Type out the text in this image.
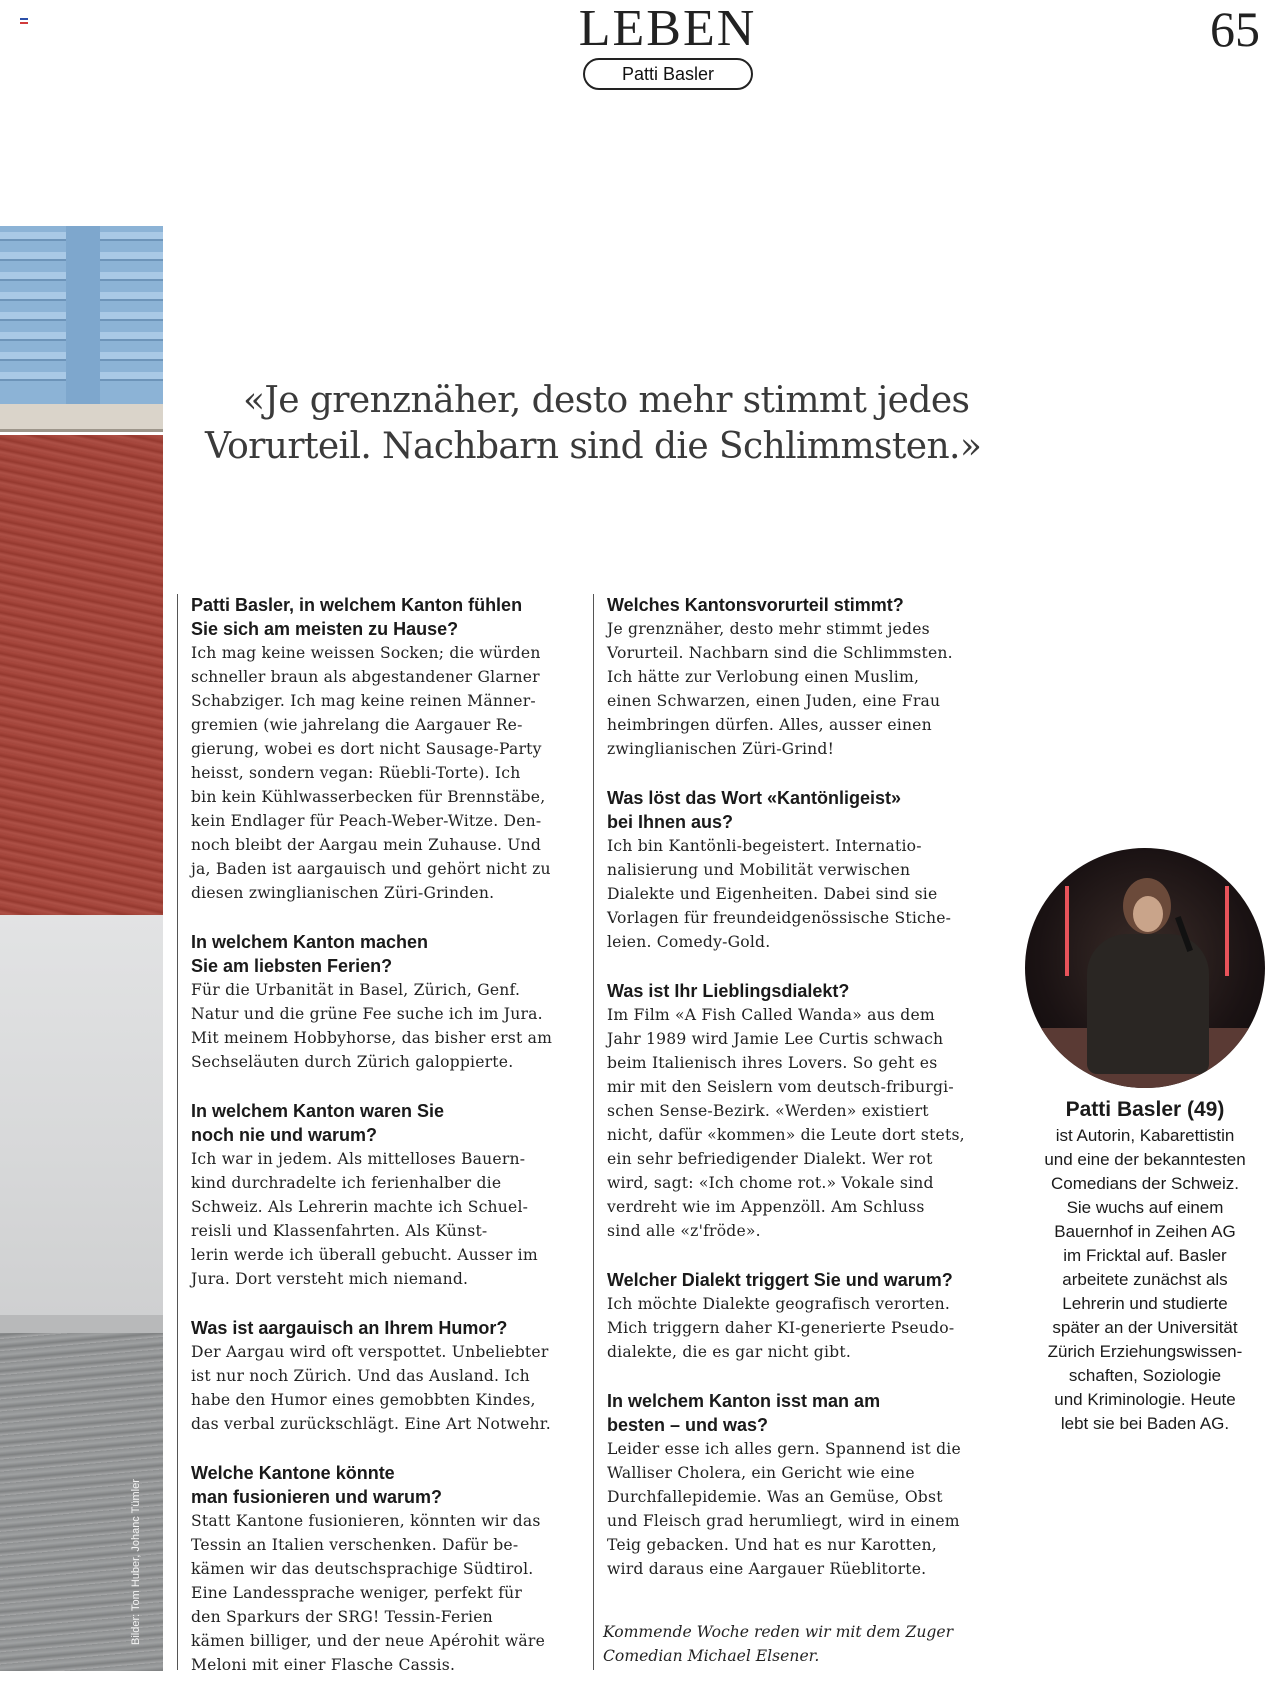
LEBEN
Patti Basler
65
Bilder: Tom Huber, Johanc Tümler
«Je grenznäher, desto mehr stimmt jedes
Vorurteil. Nachbarn sind die Schlimmsten.»
Patti Basler, in welchem Kanton fühlen
Sie sich am meisten zu Hause?
Ich mag keine weissen Socken; die würden
schneller braun als abgestandener Glarner
Schabziger. Ich mag keine reinen Männer-
gremien (wie jahrelang die Aargauer Re-
gierung, wobei es dort nicht Sausage-Party
heisst, sondern vegan: Rüebli-Torte). Ich
bin kein Kühlwasserbecken für Brennstäbe,
kein Endlager für Peach-Weber-Witze. Den-
noch bleibt der Aargau mein Zuhause. Und
ja, Baden ist aargauisch und gehört nicht zu
diesen zwinglianischen Züri-Grinden.
In welchem Kanton machen
Sie am liebsten Ferien?
Für die Urbanität in Basel, Zürich, Genf.
Natur und die grüne Fee suche ich im Jura.
Mit meinem Hobbyhorse, das bisher erst am
Sechseläuten durch Zürich galoppierte.
In welchem Kanton waren Sie
noch nie und warum?
Ich war in jedem. Als mittelloses Bauern-
kind durchradelte ich ferienhalber die
Schweiz. Als Lehrerin machte ich Schuel-
reisli und Klassenfahrten. Als Künst-
lerin werde ich überall gebucht. Ausser im
Jura. Dort versteht mich niemand.
Was ist aargauisch an Ihrem Humor?
Der Aargau wird oft verspottet. Unbeliebter
ist nur noch Zürich. Und das Ausland. Ich
habe den Humor eines gemobbten Kindes,
das verbal zurückschlägt. Eine Art Notwehr.
Welche Kantone könnte
man fusionieren und warum?
Statt Kantone fusionieren, könnten wir das
Tessin an Italien verschenken. Dafür be-
kämen wir das deutschsprachige Südtirol.
Eine Landessprache weniger, perfekt für
den Sparkurs der SRG! Tessin-Ferien
kämen billiger, und der neue Apérohit wäre
Meloni mit einer Flasche Cassis.
Welches Kantonsvorurteil stimmt?
Je grenznäher, desto mehr stimmt jedes
Vorurteil. Nachbarn sind die Schlimmsten.
Ich hätte zur Verlobung einen Muslim,
einen Schwarzen, einen Juden, eine Frau
heimbringen dürfen. Alles, ausser einen
zwinglianischen Züri-Grind!
Was löst das Wort «Kantönligeist»
bei Ihnen aus?
Ich bin Kantönli-begeistert. Internatio-
nalisierung und Mobilität verwischen
Dialekte und Eigenheiten. Dabei sind sie
Vorlagen für freundeidgenössische Stiche-
leien. Comedy-Gold.
Was ist Ihr Lieblingsdialekt?
Im Film «A Fish Called Wanda» aus dem
Jahr 1989 wird Jamie Lee Curtis schwach
beim Italienisch ihres Lovers. So geht es
mir mit den Seislern vom deutsch-friburgi-
schen Sense-Bezirk. «Werden» existiert
nicht, dafür «kommen» die Leute dort stets,
ein sehr befriedigender Dialekt. Wer rot
wird, sagt: «Ich chome rot.» Vokale sind
verdreht wie im Appenzöll. Am Schluss
sind alle «z'fröde».
Welcher Dialekt triggert Sie und warum?
Ich möchte Dialekte geografisch verorten.
Mich triggern daher KI-generierte Pseudo-
dialekte, die es gar nicht gibt.
In welchem Kanton isst man am
besten – und was?
Leider esse ich alles gern. Spannend ist die
Walliser Cholera, ein Gericht wie eine
Durchfallepidemie. Was an Gemüse, Obst
und Fleisch grad herumliegt, wird in einem
Teig gebacken. Und hat es nur Karotten,
wird daraus eine Aargauer Rüeblitorte.
Kommende Woche reden wir mit dem Zuger
Comedian Michael Elsener.
Patti Basler (49)
ist Autorin, Kabarettistin
und eine der bekanntesten
Comedians der Schweiz.
Sie wuchs auf einem
Bauernhof in Zeihen AG
im Fricktal auf. Basler
arbeitete zunächst als
Lehrerin und studierte
später an der Universität
Zürich Erziehungswissen-
schaften, Soziologie
und Kriminologie. Heute
lebt sie bei Baden AG.
